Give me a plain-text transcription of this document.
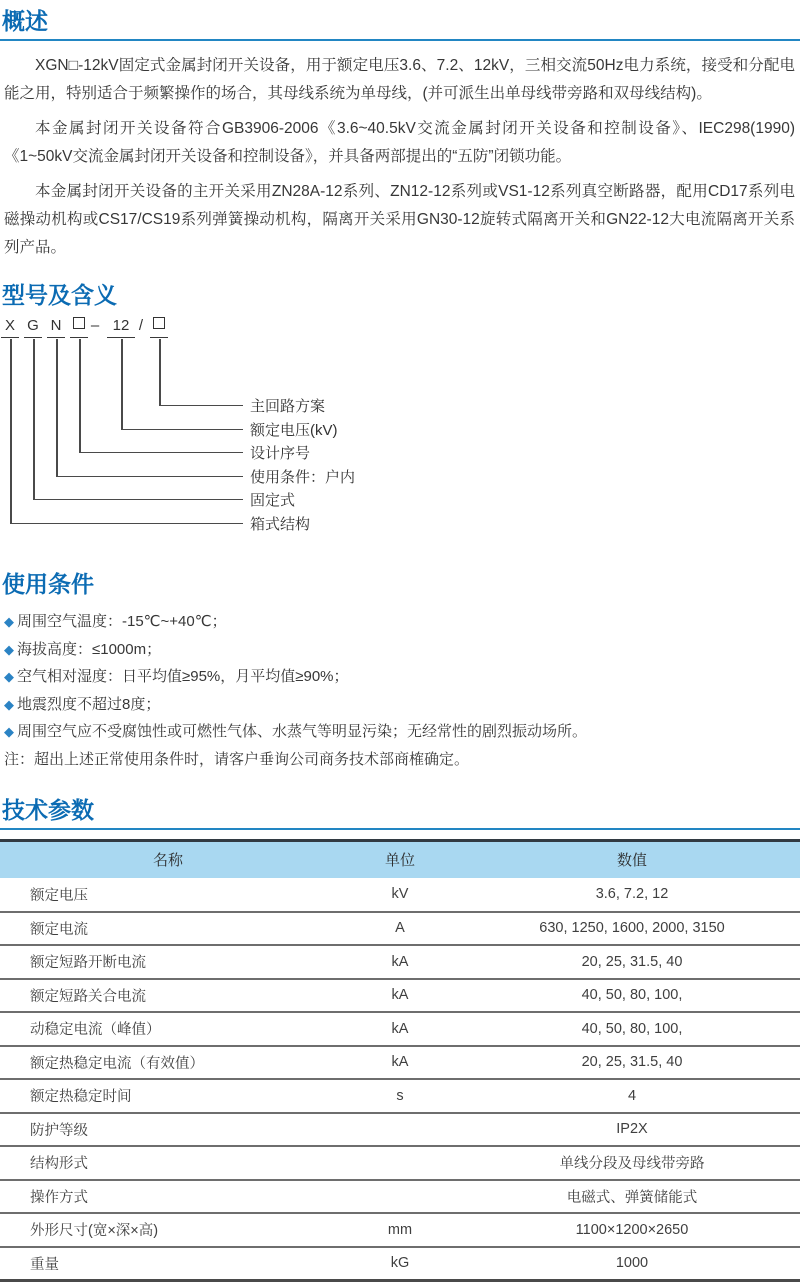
概述

XGN□-12kV固定式金属封闭开关设备，用于额定电压3.6、7.2、12kV，三相交流50Hz电力系统，接受和分配电能之用，特别适合于频繁操作的场合，其母线系统为单母线，(并可派生出单母线带旁路和双母线结构)。

本金属封闭开关设备符合GB3906-2006《3.6~40.5kV交流金属封闭开关设备和控制设备》、IEC298(1990)《1~50kV交流金属封闭开关设备和控制设备》，并具备两部提出的“五防”闭锁功能。

本金属封闭开关设备的主开关采用ZN28A-12系列、ZN12-12系列或VS1-12系列真空断路器，配用CD17系列电磁操动机构或CS17/CS19系列弹簧操动机构，隔离开关采用GN30-12旋转式隔离开关和GN22-12大电流隔离开关系列产品。

型号及含义
X G N – 12 /
主回路方案
额定电压(kV)
设计序号
使用条件：户内
固定式
箱式结构
使用条件
◆ 周围空气温度：-15℃~+40℃；
◆ 海拔高度：≤1000m；
◆ 空气相对湿度：日平均值≥95%，月平均值≥90%；
◆ 地震烈度不超过8度；
◆ 周围空气应不受腐蚀性或可燃性气体、水蒸气等明显污染；无经常性的剧烈振动场所。

注：超出上述正常使用条件时，请客户垂询公司商务技术部商榷确定。

技术参数
名称	单位	数值
额定电压	kV	3.6, 7.2, 12
额定电流	A	630, 1250, 1600, 2000, 3150
额定短路开断电流	kA	20, 25, 31.5, 40
额定短路关合电流	kA	40, 50, 80, 100,
动稳定电流（峰值）	kA	40, 50, 80, 100,
额定热稳定电流（有效值）	kA	20, 25, 31.5, 40
额定热稳定时间	s	4
防护等级		IP2X
结构形式		单线分段及母线带旁路
操作方式		电磁式、弹簧储能式
外形尺寸(宽×深×高)	mm	1100×1200×2650
重量	kG	1000
